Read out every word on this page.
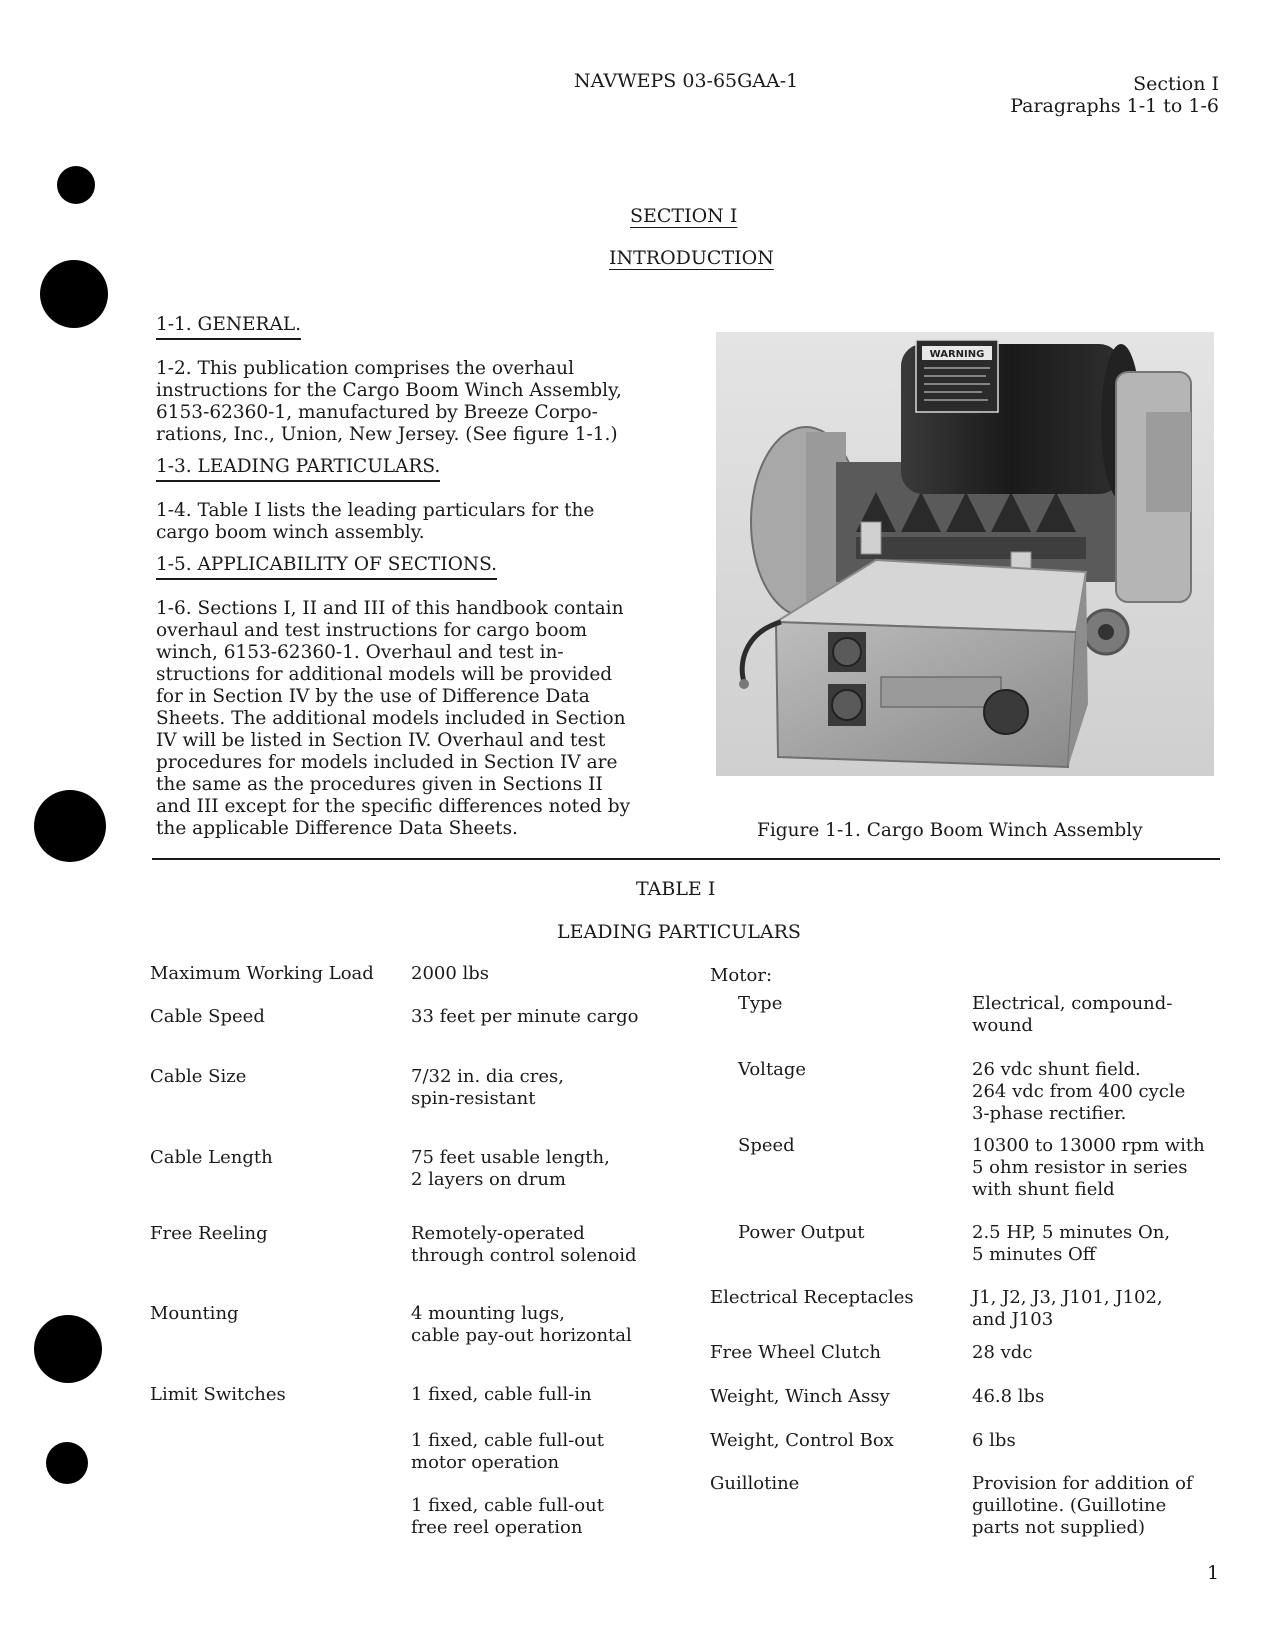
NAVWEPS 03-65GAA-1	Section I
Paragraphs 1-1 to 1-6
SECTION I
INTRODUCTION
1-1. GENERAL.
1-2. This publication comprises the overhaul
instructions for the Cargo Boom Winch Assembly,
6153-62360-1, manufactured by Breeze Corpo-
rations, Inc., Union, New Jersey. (See figure 1-1.)
1-3. LEADING PARTICULARS.
1-4. Table I lists the leading particulars for the
cargo boom winch assembly.
1-5. APPLICABILITY OF SECTIONS.
1-6. Sections I, II and III of this handbook contain
overhaul and test instructions for cargo boom
winch, 6153-62360-1. Overhaul and test in-
structions for additional models will be provided
for in Section IV by the use of Difference Data
Sheets. The additional models included in Section
IV will be listed in Section IV. Overhaul and test
procedures for models included in Section IV are
the same as the procedures given in Sections II
and III except for the specific differences noted by
the applicable Difference Data Sheets.
WARNING
Figure 1-1. Cargo Boom Winch Assembly
TABLE I
LEADING PARTICULARS
Maximum Working Load 2000 lbs
Cable Speed	33 feet per minute cargo
Cable Size	7/32 in. dia cres,
spin-resistant
Cable Length	75 feet usable length,
2 layers on drum
Free Reeling	Remotely-operated
through control solenoid
Mounting	4 mounting lugs,
cable pay-out horizontal
Limit Switches	1 fixed, cable full-in
1 fixed, cable full-out
motor operation
1 fixed, cable full-out
free reel operation
Motor:
Type	Electrical, compound-
wound
Voltage	26 vdc shunt field.
264 vdc from 400 cycle
3-phase rectifier.
Speed	10300 to 13000 rpm with
5 ohm resistor in series
with shunt field
Power Output	2.5 HP, 5 minutes On,
5 minutes Off
Electrical Receptacles	J1, J2, J3, J101, J102,
and J103
Free Wheel Clutch	28 vdc
Weight, Winch Assy	46.8 lbs
Weight, Control Box	6 lbs
Guillotine	Provision for addition of
guillotine. (Guillotine
parts not supplied)
1
